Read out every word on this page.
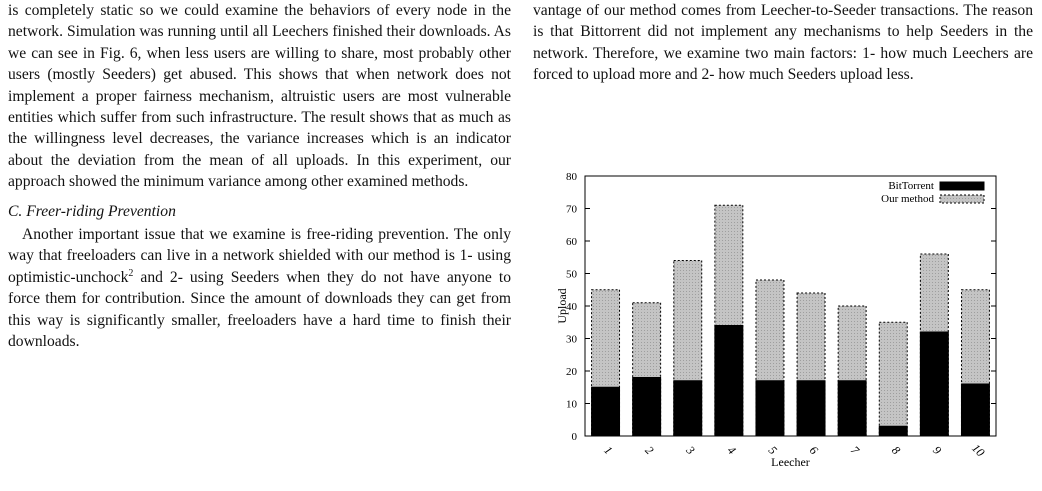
is completely static so we could examine the behaviors of every node in the network. Simulation was running until all Leechers finished their downloads. As we can see in Fig. 6, when less users are willing to share, most probably other users (mostly Seeders) get abused. This shows that when network does not implement a proper fairness mechanism, altruistic users are most vulnerable entities which suffer from such infrastructure. The result shows that as much as the willingness level decreases, the variance increases which is an indicator about the deviation from the mean of all uploads. In this experiment, our approach showed the minimum variance among other examined methods.

C. Freer-riding Prevention

Another important issue that we examine is free-riding prevention. The only way that freeloaders can live in a network shielded with our method is 1- using optimistic-unchock$^2$ and 2- using Seeders when they do not have anyone to force them for contribution. Since the amount of downloads they can get from this way is significantly smaller, freeloaders have a hard time to finish their downloads.

vantage of our method comes from Leecher-to-Seeder transactions. The reason is that Bittorrent did not implement any mechanisms to help Seeders in the network. Therefore, we examine two main factors: 1- how much Leechers are forced to upload more and 2- how much Seeders upload less.

0
10
20
30
40
50
60
70
80
1 2 3 4 5 6 7 8 9 10
Leecher
Upload
BitTorrent
Our method
